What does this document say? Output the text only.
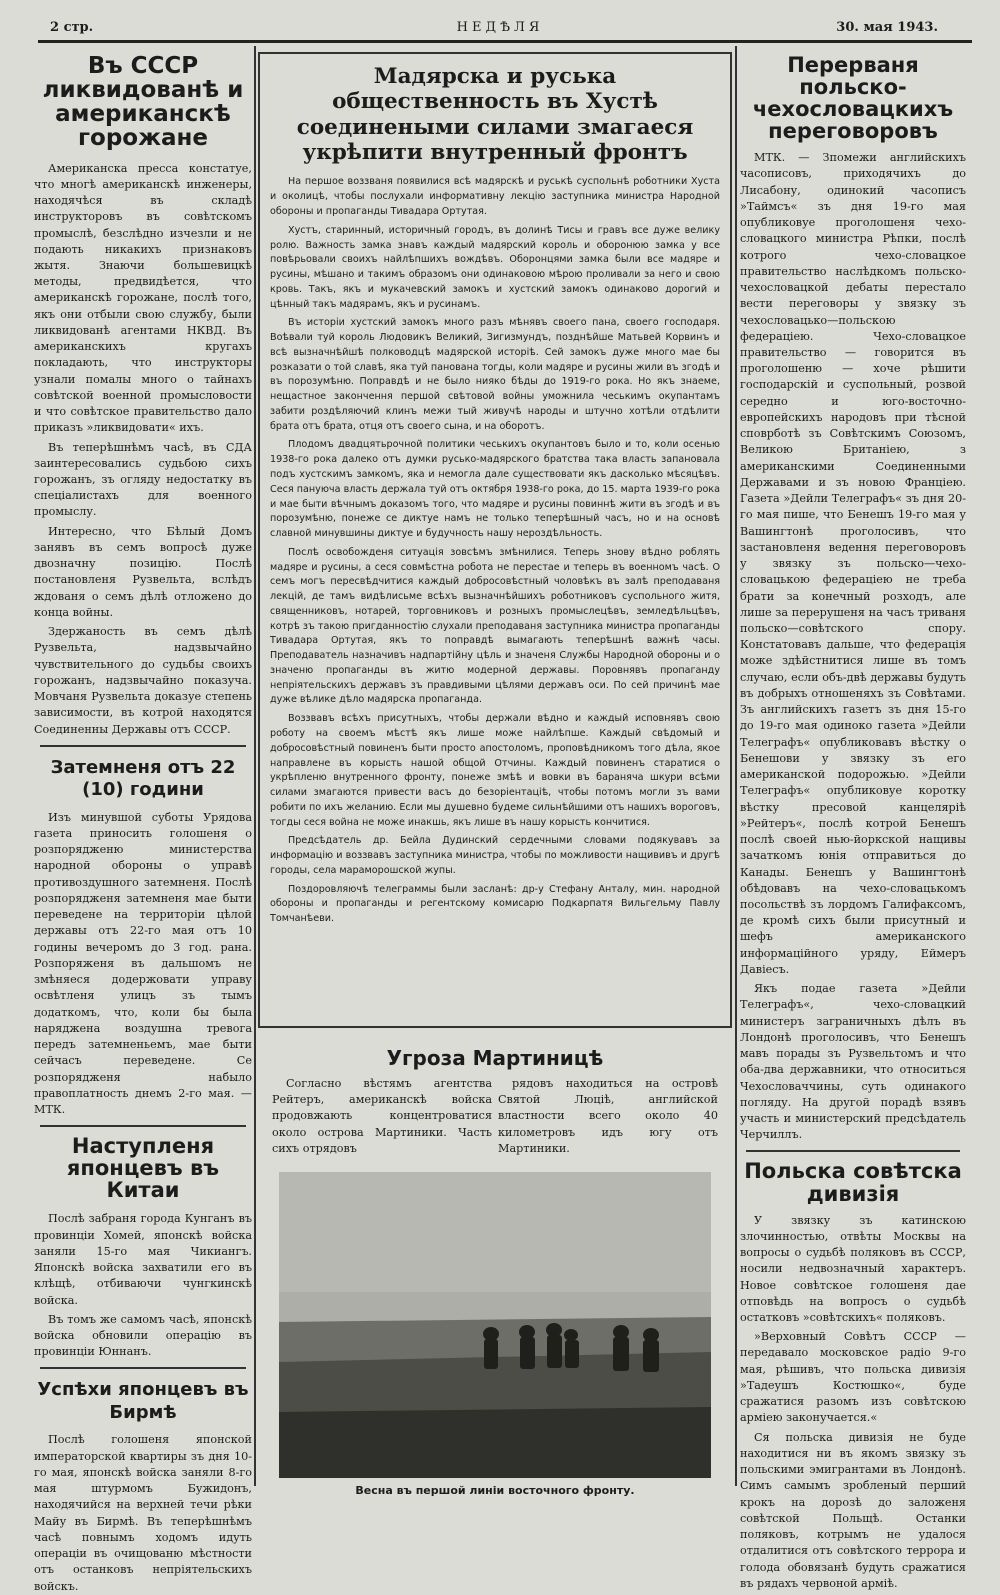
2 стр.	НЕДѢЛЯ	30. мая 1943.
Въ СССР ликвидованѣ и американскѣ горожане

Американска пресса констатуе, что многѣ американскѣ инженеры, находячѣся въ складѣ инструкторовъ въ совѣтскомъ промыслѣ, безслѣдно изчезли и не подають никакихъ признаковъ жытя. Знаючи большевицкѣ методы, предвидѣется, что американскѣ горожане, послѣ того, якъ они отбыли свою службу, были ликвидованѣ агентами НКВД. Въ американскихъ кругахъ покладають, что инструкторы узнали помалы много о тайнахъ совѣтской военной промысловости и что совѣтское правительство дало приказъ »ликвидовати« ихъ.

Въ теперѣшнѣмъ часѣ, въ СДА заинтересовались судьбою сихъ горожанъ, зъ огляду недостатку въ спеціалистахъ для военного промыслу.

Интересно, что Бѣлый Домъ занявъ въ семъ вопросѣ дуже двозначну позицію. Послѣ постановленя Рузвельта, вслѣдъ ждованя о семъ дѣлѣ отложено до конца войны.

Здержаность въ семъ дѣлѣ Рузвельта, надзвычайно чувствительного до судьбы своихъ горожанъ, надзвычайно показуча. Мовчаня Рузвельта доказуе степень зависимости, въ котрой находятся Соединенны Державы отъ СССР.

Затемненя отъ 22 (10) години

Изъ минувшой суботы Урядова газета приносить голошеня о розпорядженю министерства народной обороны о управѣ противоздушного затемненя. Послѣ розпорядженя затемненя мае быти переведене на территоріи цѣлой державы отъ 22-го мая отъ 10 годины вечеромъ до 3 год. рана. Розпоряженя въ дальшомъ не змѣняеся додержовати управу освѣтленя улицъ зъ тымъ додаткомъ, что, коли бы была наряджена воздушна тревога передъ затемненьемъ, мае быти сейчасъ переведене. Се розпорядженя набыло правоплатность днемъ 2-го мая. — МТК.

Наступленя японцевъ въ Китаи

Послѣ забраня города Кунганъ въ провинціи Хомей, японскѣ войска заняли 15-го мая Чикиангъ. Японскѣ войска захватили его въ клѣщѣ, отбиваючи чунгкинскѣ войска.

Въ томъ же самомъ часѣ, японскѣ войска обновили операцію въ провинціи Юннанъ.

Успѣхи японцевъ въ Бирмѣ

Послѣ голошеня японской императорской квартиры зъ дня 10-го мая, японскѣ войска заняли 8-го мая штурмомъ Бужидонъ, находячийся на верхней течи рѣки Майу въ Бирмѣ. Въ теперѣшнѣмъ часѣ повнымъ ходомъ идуть операціи въ очищованю мѣстности отъ останковъ непріятельскихъ войскъ.

Мадярска и руська общественность въ Хустѣ соединеными силами змагаеся укрѣпити внутренный фронтъ

На першое воззваня появилися всѣ мадярскѣ и руськѣ суспольнѣ роботники Хуста и околицѣ, чтобы послухали информативну лекцію заступника министра Народной обороны и пропаганды Тивадара Ортутая.

Хустъ, старинный, историчный городъ, въ долинѣ Тисы и гравъ все дуже велику ролю. Важность замка знавъ каждый мадярский король и оборонюю замка у все повѣрьовали своихъ найлѣпшихъ вождѣвъ. Оборонцями замка были все мадяре и русины, мѣшано и такимъ образомъ они одинаковою мѣрою проливали за него и свою кровь. Такъ, якъ и мукачевский замокъ и хустский замокъ одинаково дорогий и цѣнный такъ мадярамъ, якъ и русинамъ.

Въ исторіи хустский замокъ много разъ мѣнявъ своего пана, своего господаря. Воѣвали туй король Людовикъ Великий, Зигизмундъ, позднѣйше Матьвей Корвинъ и всѣ вызначнѣйшѣ полководцѣ мадярской исторіѣ. Сей замокъ дуже много мае бы розказати о той славѣ, яка туй панована тогды, коли мадяре и русины жили въ згодѣ и въ порозумѣню. Поправдѣ и не было нияко бѣды до 1919-го рока. Но якъ знаеме, нещастное закончення першой свѣтовой войны уможнила чеськимъ окупантамъ забити роздѣляючий клинъ межи тый живучѣ народы и штучно хотѣли отдѣлити брата отъ брата, отця отъ своего сына, и на оборотъ.

Плодомъ двадцятьрочной политики чеськихъ окупантовъ было и то, коли осенью 1938-го рока далеко отъ думки русько-мадярского братства така власть запановала подъ хустскимъ замкомъ, яка и немогла дале существовати якъ дасколько мѣсяцѣвъ. Сеся пануюча власть держала туй отъ октября 1938-го рока, до 15. марта 1939-го рока и мае быти вѣчнымъ доказомъ того, что мадяре и русины повиннѣ жити въ згодѣ и въ порозумѣню, понеже се диктуе намъ не только теперѣшный часъ, но и на основѣ славной минувшины диктуе и будучность нашу нероздѣльность.

Послѣ освобожденя ситуація зовсѣмъ змѣнилися. Теперь знову вѣдно роблять мадяре и русины, а сеся совмѣстна робота не перестае и теперь въ военномъ часѣ. О семъ могъ пересвѣдчитися каждый добросовѣстный чоловѣкъ въ залѣ преподаваня лекцій, де тамъ видѣлисьме всѣхъ вызначнѣйшихъ роботниковъ суспольного житя, священниковъ, нотарей, торговниковъ и розныхъ промыслецѣвъ, земледѣльцѣвъ, котрѣ зъ такою пригданностію слухали преподаваня заступника министра пропаганды Тивадара Ортутая, якъ то поправдѣ вымагають теперѣшнѣ важнѣ часы. Преподаватель назначивъ надпартійну цѣль и значеня Службы Народной обороны и о значеню пропаганды въ житю модерной державы. Поровнявъ пропаганду непріятельскихъ державъ зъ правдивыми цѣлями державъ оси. По сей причинѣ мае дуже вѣлике дѣло мадярска пропаганда.

Воззвавъ всѣхъ присутныхъ, чтобы держали вѣдно и каждый исповнявъ свою роботу на своемъ мѣстѣ якъ лише може найлѣпше. Каждый свѣдомый и добросовѣстный повиненъ быти просто апостоломъ, проповѣдникомъ того дѣла, якое направлене въ корысть нашой общой Отчины. Каждый повиненъ старатися о укрѣпленю внутренного фронту, понеже змѣѣ и вовки въ бараняча шкури всѣми силами змагаются привести васъ до безоріентаціѣ, чтобы потомъ могли зъ вами робити по ихъ желанию. Если мы душевно будеме сильнѣйшими отъ нашихъ вороговъ, тогды сеся война не може инакшь, якъ лише въ нашу корысть кончитися.

Предсѣдатель др. Бейла Дудинский сердечными словами подякувавъ за информацію и воззвавъ заступника министра, чтобы по можливости нащививъ и другѣ городы, села мараморошской жупы.

Поздоровляючѣ телеграммы были засланѣ: др-у Стефану Анталу, мин. народной обороны и пропаганды и регентскому комисарю Подкарпатя Вильгельму Павлу Томчанѣеви.

Угроза Мартиницѣ

Согласно вѣстямъ агентства Рейтеръ, американскѣ войска продовжають концентроватися около острова Мартиники. Часть сихъ отрядовъ

рядовъ находиться на островѣ Святой Люціѣ, английской властности всего около 40 километровъ идъ югу отъ Мартиники.

Весна въ першой линіи восточного фронту.
Перерваня польско-чехословацкихъ переговоровъ

МТК. — Зпомежи английскихъ часописовъ, приходячихъ до Лисабону, одинокий часописъ »Таймсъ« зъ дня 19-го мая опубликовуе проголошеня чехо-словацкого министра Рѣпки, послѣ котрого чехо-словацкое правительство наслѣдкомъ польско-чехословацкой дебаты перестало вести переговоры у звязку зъ чехословацько—польскою федераціею. Чехо-словацкое правительство — говорится въ проголошеню — хоче рѣшити господарскій и суспольный, розвой середно и юго-восточно-европейскихъ народовъ при тѣсной споврботѣ зъ Совѣтскимъ Союзомъ, Великою Британіею, з американскими Соединенными Державами и зъ новою Франціею. Газета »Дейли Телеграфъ« зъ дня 20-го мая пише, что Бенешъ 19-го мая у Вашингтонѣ проголосивъ, что застановленя ведення переговоровъ у звязку зъ польско—чехо-словацькою федераціею не треба брати за конечный розходъ, але лише за перерушеня на часъ триваня польско—совѣтского спору. Констатовавъ дальше, что федерація може здѣйстнитися лише въ томъ случаю, если объ-двѣ державы будуть въ добрыхъ отношеняхъ зъ Совѣтами. Зъ английскихъ газетъ зъ дня 15-го до 19-го мая одиноко газета »Дейли Телеграфъ« опубликовавъ вѣстку о Бенешови у звязку зъ его американской подорожью. »Дейли Телеграфъ« опубликовуе коротку вѣстку пресовой канцеляріѣ »Рейтеръ«, послѣ котрой Бенешъ послѣ своей нью-йоркской нащивы зачаткомъ юнія отправиться до Канады. Бенешъ у Вашингтонѣ обѣдовавъ на чехо-словацькомъ посольствѣ зъ лордомъ Галифаксомъ, де кромѣ сихъ были присутный и шефъ американского информаційного уряду, Еймеръ Давіесъ.

Якъ подае газета »Дейли Телеграфъ«, чехо-словацкий министеръ заграничныхъ дѣлъ въ Лондонѣ проголосивъ, что Бенешъ мавъ порады зъ Рузвельтомъ и что оба-два державники, что относиться Чехословаччины, суть одинакого погляду. На другой порадѣ взявъ участь и министерский предсѣдатель Черчиллъ.

Польска совѣтска дивизія

У звязку зъ катинскою злочинностью, отвѣты Москвы на вопросы о судьбѣ поляковъ въ СССР, носили недвозначный характеръ. Новое совѣтское голошеня дае отповѣдь на вопросъ о судьбѣ остатковъ »совѣтскихъ« поляковъ.

»Верховный Совѣтъ СССР — передавало московское радіо 9-го мая, рѣшивъ, что польска дивизія »Тадеушъ Костюшко«, буде сражатися разомъ изъ совѣтскою арміею законучается.«

Ся польска дивизія не буде находитися ни въ якомъ звязку зъ польскими эмигрантами въ Лондонѣ. Симъ самымъ зробленый перший крокъ на дорозѣ до заложеня совѣтской Польщѣ. Останки поляковъ, котрымъ не удалося отдалитися отъ совѣтского террора и голода обовязанѣ будуть сражатися въ рядахъ червоной арміѣ.
